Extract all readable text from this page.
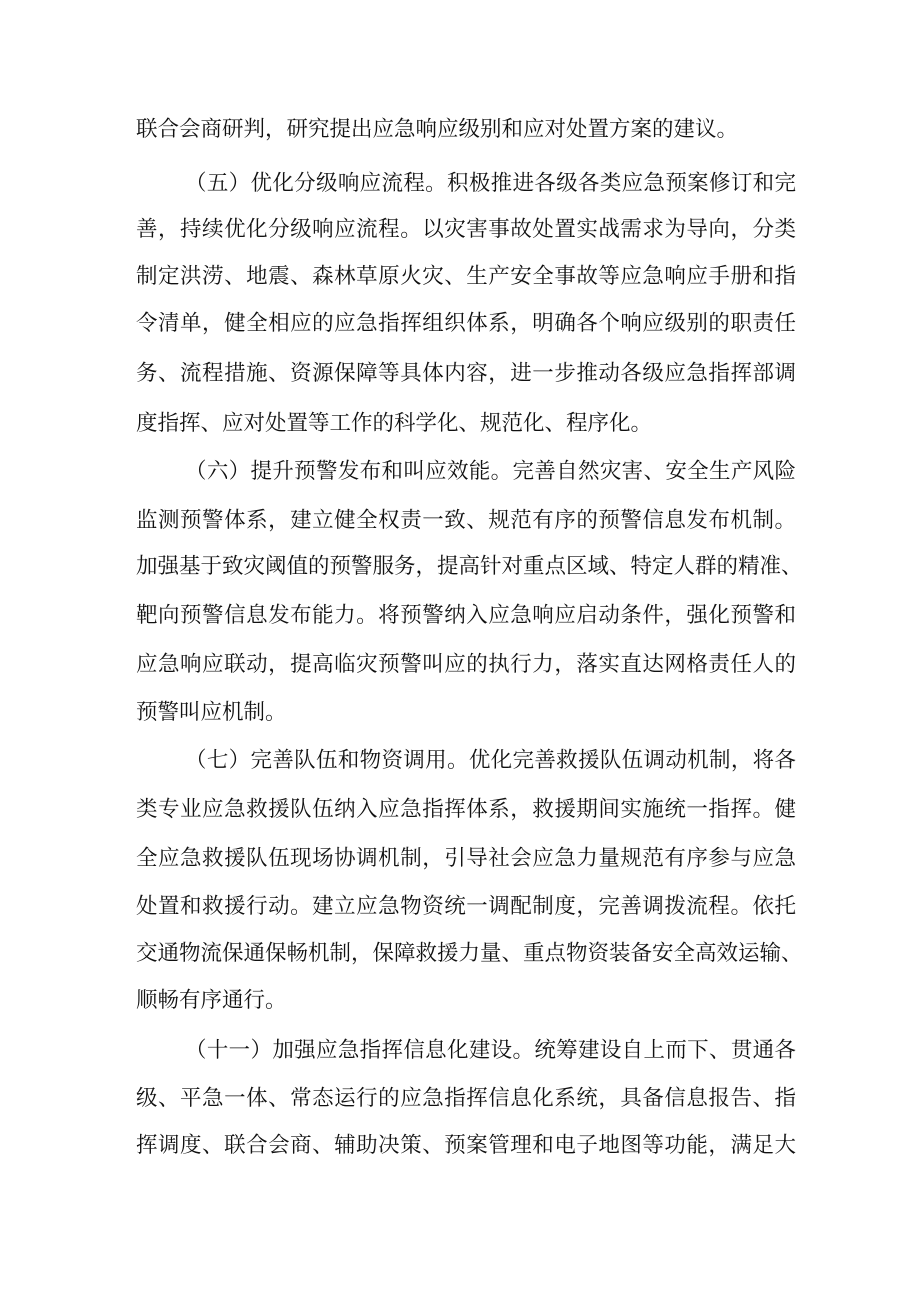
联合会商研判，研究提出应急响应级别和应对处置方案的建议。
（五）优化分级响应流程。积极推进各级各类应急预案修订和完
善，持续优化分级响应流程。以灾害事故处置实战需求为导向，分类
制定洪涝、地震、森林草原火灾、生产安全事故等应急响应手册和指
令清单，健全相应的应急指挥组织体系，明确各个响应级别的职责任
务、流程措施、资源保障等具体内容，进一步推动各级应急指挥部调
度指挥、应对处置等工作的科学化、规范化、程序化。
（六）提升预警发布和叫应效能。完善自然灾害、安全生产风险
监测预警体系，建立健全权责一致、规范有序的预警信息发布机制。
加强基于致灾阈值的预警服务，提高针对重点区域、特定人群的精准、
靶向预警信息发布能力。将预警纳入应急响应启动条件，强化预警和
应急响应联动，提高临灾预警叫应的执行力，落实直达网格责任人的
预警叫应机制。
（七）完善队伍和物资调用。优化完善救援队伍调动机制，将各
类专业应急救援队伍纳入应急指挥体系，救援期间实施统一指挥。健
全应急救援队伍现场协调机制，引导社会应急力量规范有序参与应急
处置和救援行动。建立应急物资统一调配制度，完善调拨流程。依托
交通物流保通保畅机制，保障救援力量、重点物资装备安全高效运输、
顺畅有序通行。
（十一）加强应急指挥信息化建设。统筹建设自上而下、贯通各
级、平急一体、常态运行的应急指挥信息化系统，具备信息报告、指
挥调度、联合会商、辅助决策、预案管理和电子地图等功能，满足大
